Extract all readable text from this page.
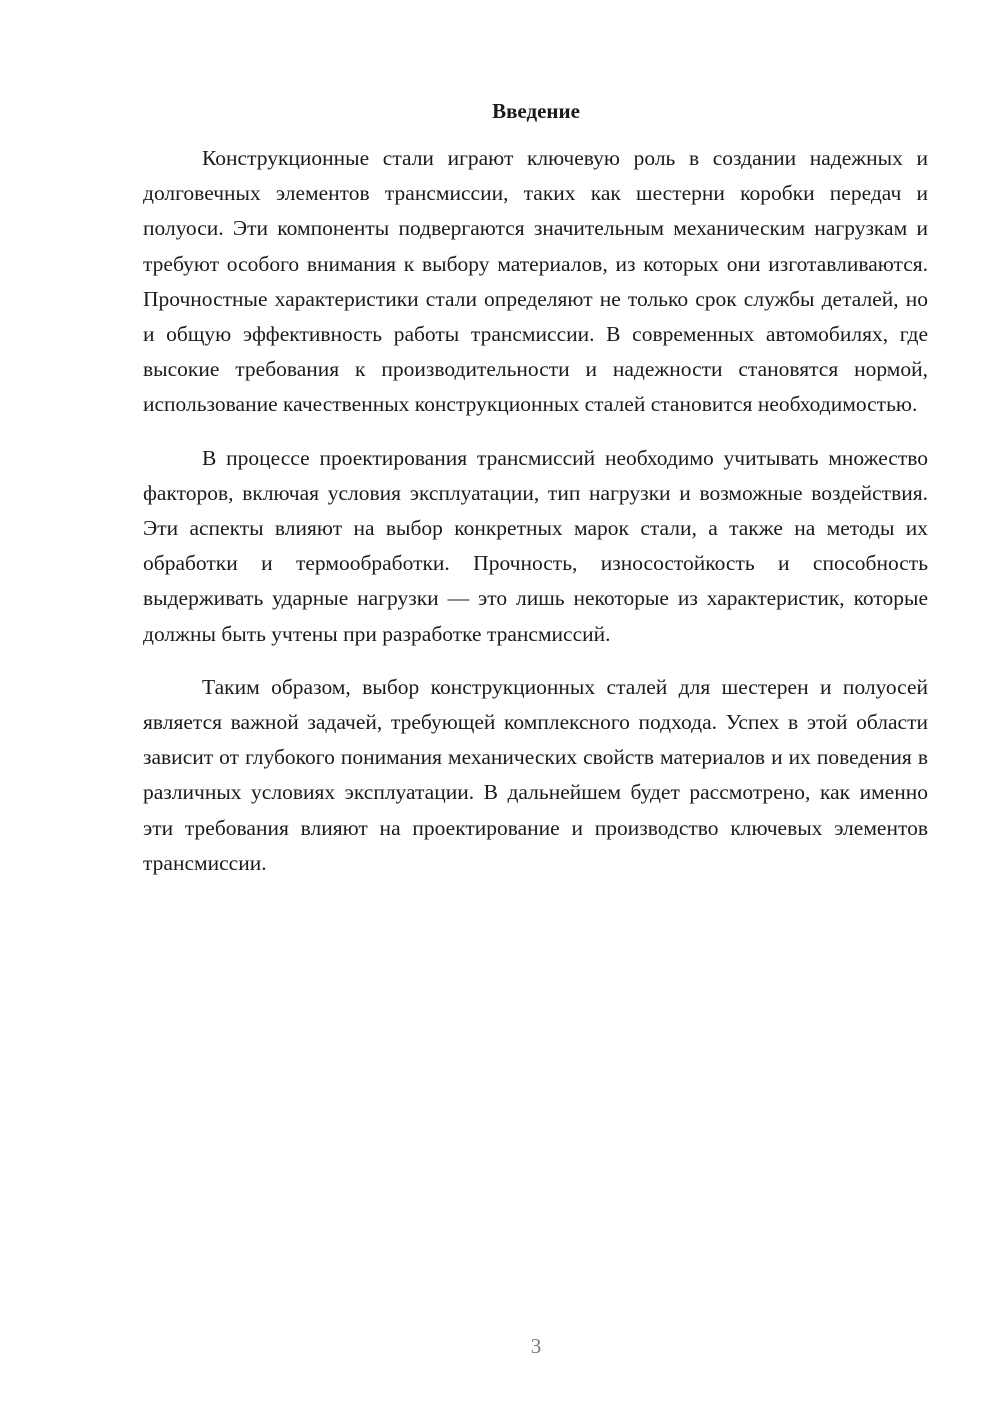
Введение

Конструкционные стали играют ключевую роль в создании надежных и долговечных элементов трансмиссии, таких как шестерни коробки передач и полуоси. Эти компоненты подвергаются значительным механическим нагрузкам и требуют особого внимания к выбору материалов, из которых они изготавливаются. Прочностные характеристики стали определяют не только срок службы деталей, но и общую эффективность работы трансмиссии. В современных автомобилях, где высокие требования к производительности и надежности становятся нормой, использование качественных конструкционных сталей становится необходимостью.

В процессе проектирования трансмиссий необходимо учитывать множество факторов, включая условия эксплуатации, тип нагрузки и возможные воздействия. Эти аспекты влияют на выбор конкретных марок стали, а также на методы их обработки и термообработки. Прочность, износостойкость и способность выдерживать ударные нагрузки — это лишь некоторые из характеристик, которые должны быть учтены при разработке трансмиссий.

Таким образом, выбор конструкционных сталей для шестерен и полуосей является важной задачей, требующей комплексного подхода. Успех в этой области зависит от глубокого понимания механических свойств материалов и их поведения в различных условиях эксплуатации. В дальнейшем будет рассмотрено, как именно эти требования влияют на проектирование и производство ключевых элементов трансмиссии.

3
